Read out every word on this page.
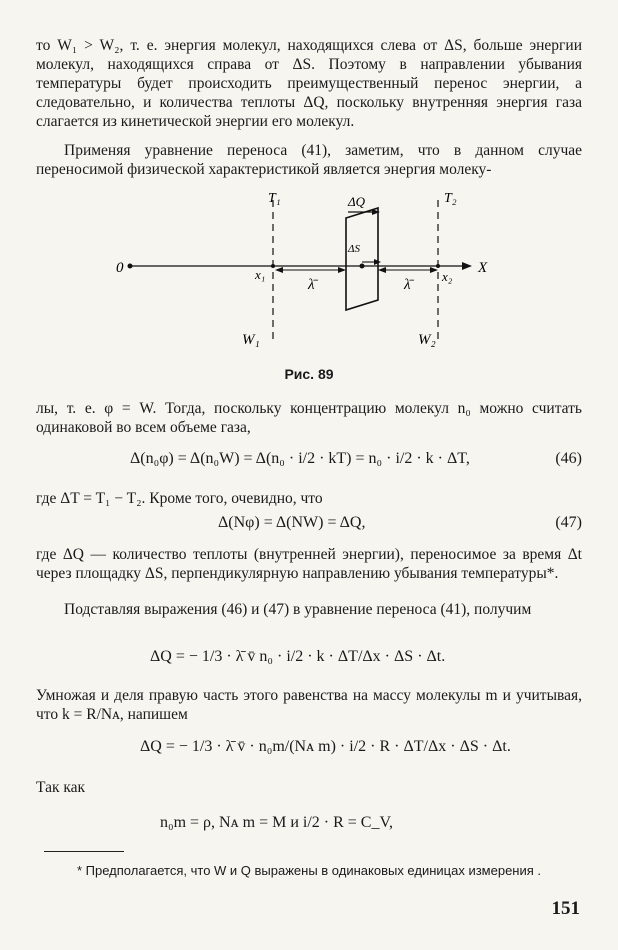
то W₁ > W₂, т. е. энергия молекул, находящихся слева от ΔS, больше энергии молекул, находящихся справа от ΔS. Поэтому в направлении убывания температуры будет происходить преимущественный перенос энергии, а следовательно, и количества теплоты ΔQ, поскольку внутренняя энергия газа слагается из кинетической энергии его молекул.

Применяя уравнение переноса (41), заметим, что в данном случае переносимой физической характеристикой является энергия молеку-

T₁	T₂
ΔQ
ΔS
0	X
x₁	x₂
λ̄	λ̄
W₁	W₂
Рис. 89

лы, т. е. φ = W. Тогда, поскольку концентрацию молекул n₀ можно считать одинаковой во всем объеме газа,

Δ(n₀φ) = Δ(n₀W) = Δ(n₀ · i/2 · kT) = n₀ · i/2 · k · ΔT,	(46)

где ΔT = T₁ − T₂. Кроме того, очевидно, что

Δ(Nφ) = Δ(NW) = ΔQ,	(47)

где ΔQ — количество теплоты (внутренней энергии), переносимое за время Δt через площадку ΔS, перпендикулярную направлению убывания температуры*.

Подставляя выражения (46) и (47) в уравнение переноса (41), получим

ΔQ = − 1/3 · λ̄ v̄ n₀ · i/2 · k · ΔT/Δx · ΔS · Δt.

Умножая и деля правую часть этого равенства на массу молекулы m и учитывая, что k = R/Nᴀ, напишем

ΔQ = − 1/3 · λ̄ v̄ · n₀m/(Nᴀ m) · i/2 · R · ΔT/Δx · ΔS · Δt.

Так как

n₀m = ρ, Nᴀ m = M и i/2 · R = C_V,
* Предполагается, что W и Q выражены в одинаковых единицах измерения .
151
